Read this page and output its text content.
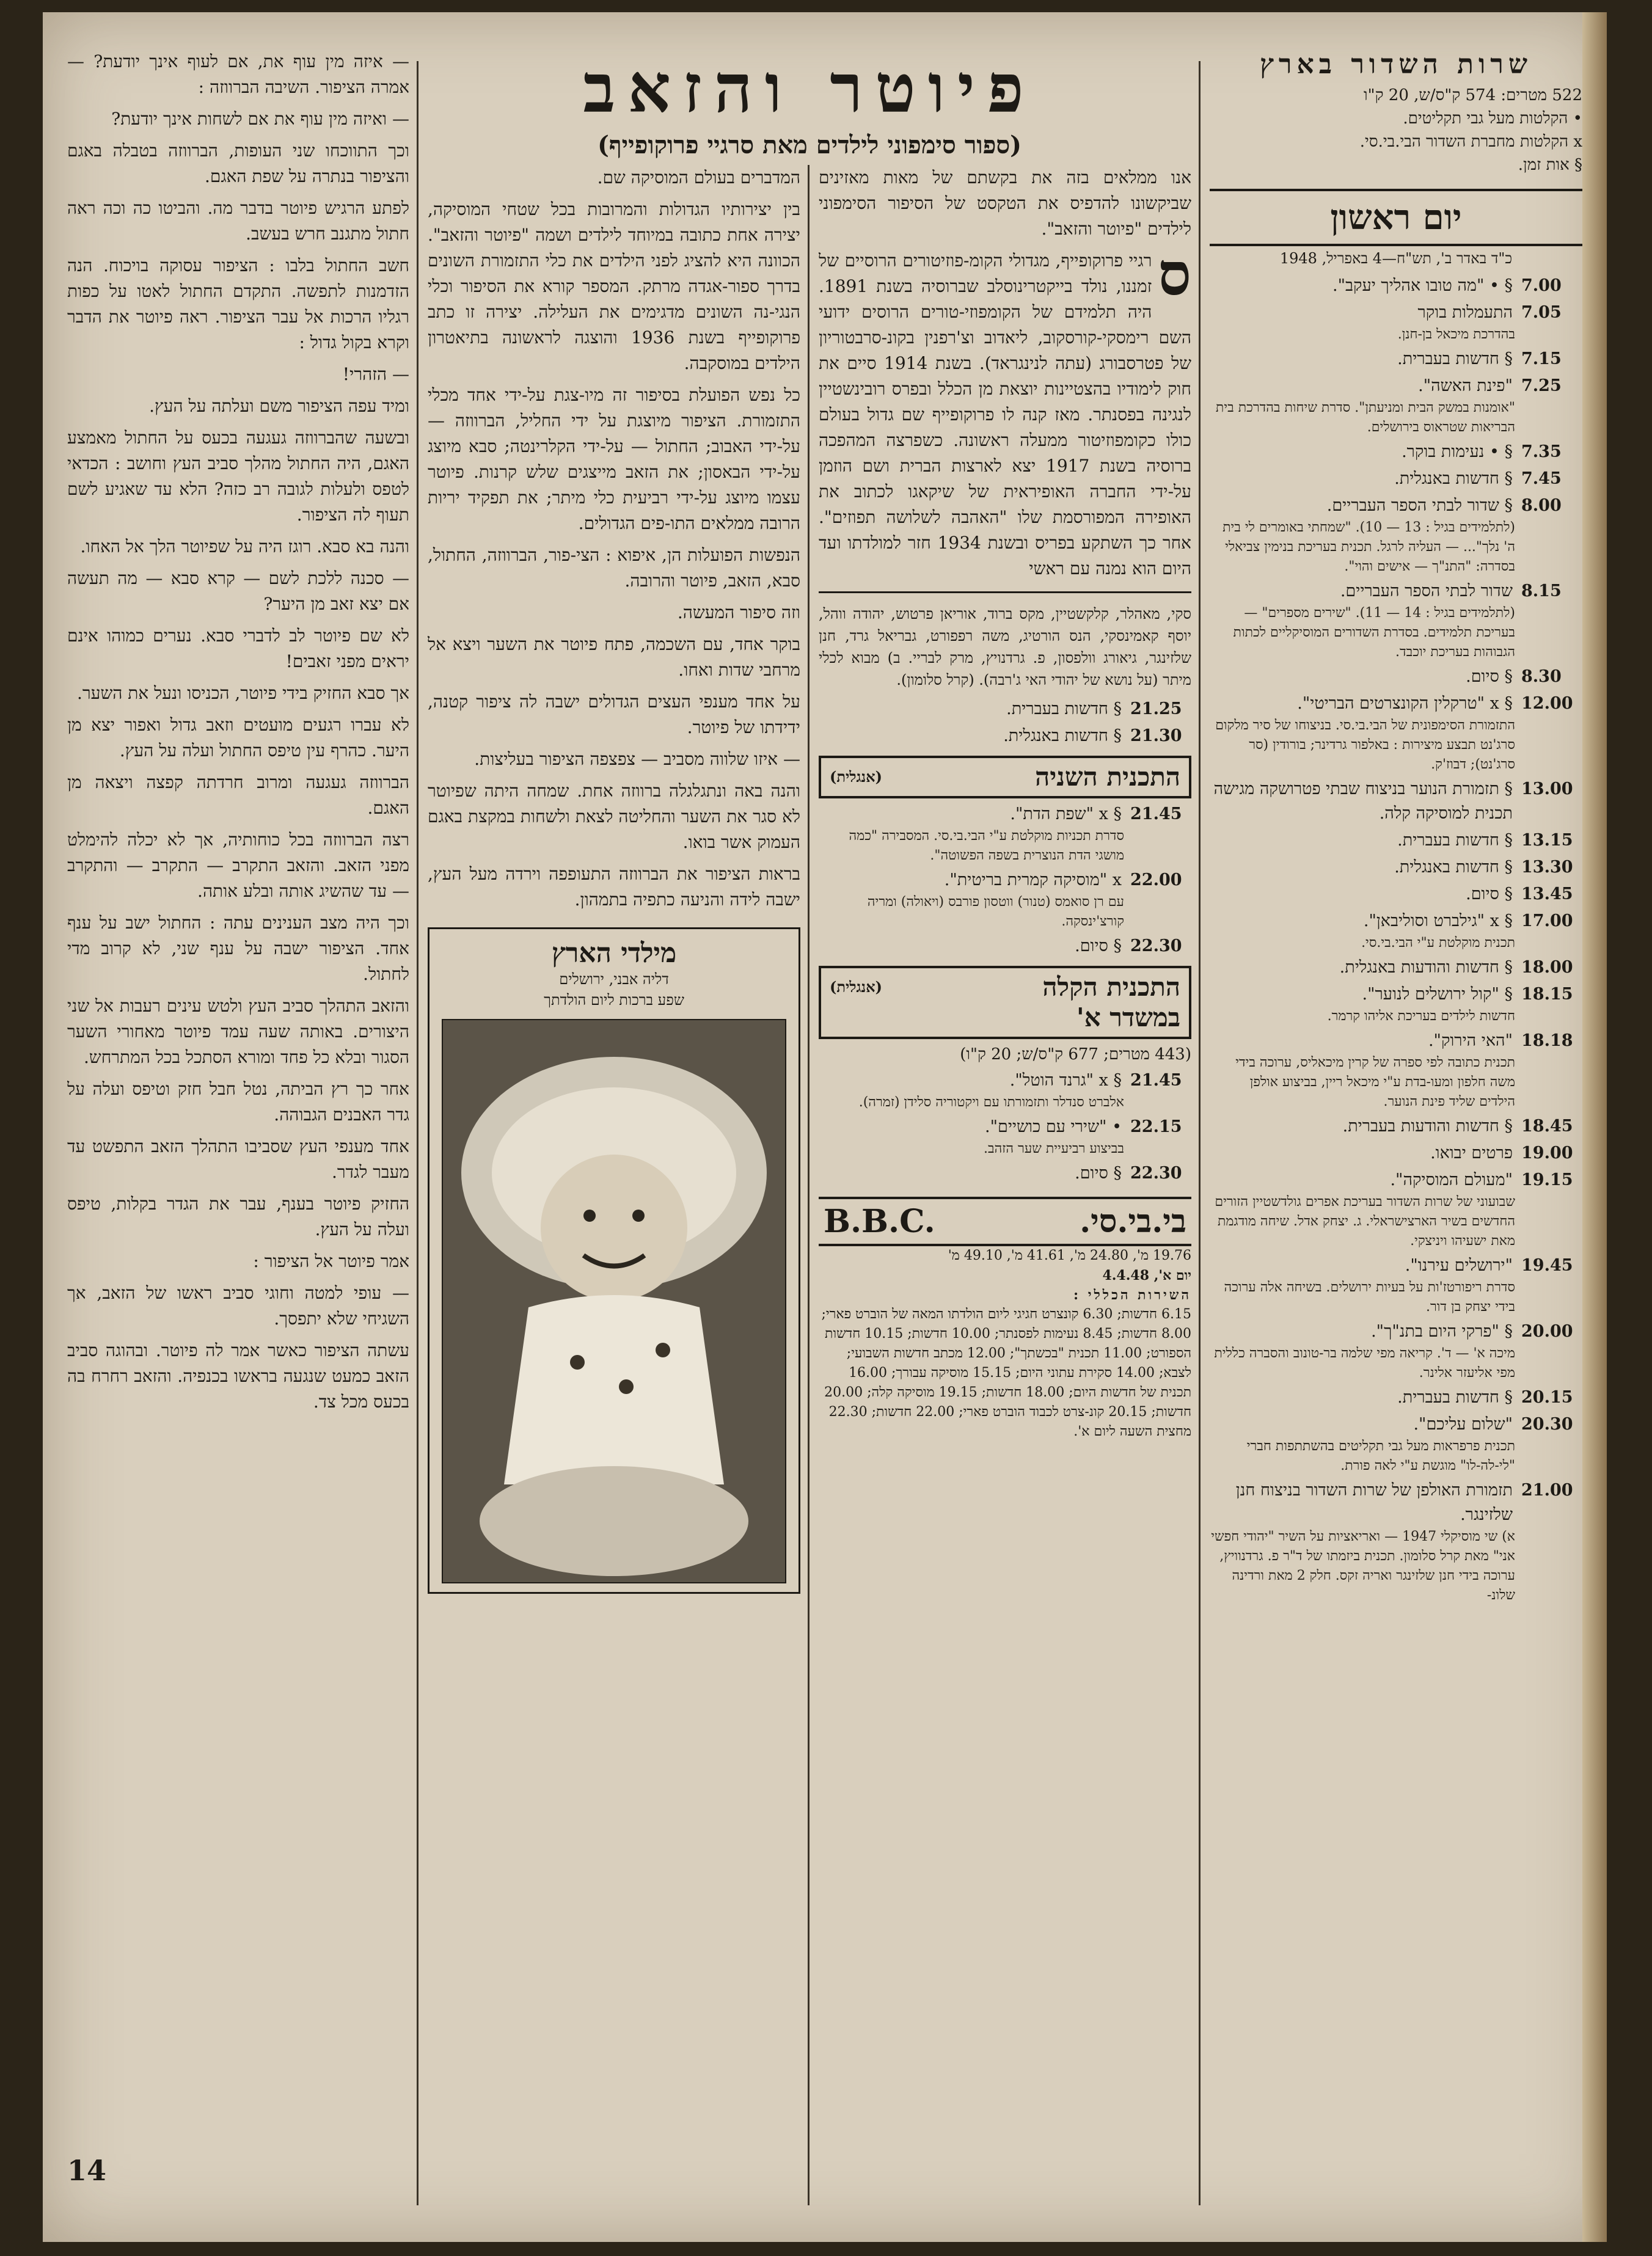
שרות השדור בארץ
522 מטרים: 574 ק"ס/ש, 20 ק"ו
• הקלטות מעל גבי תקליטים.
x הקלטות מחברת השדור הבי.בי.סי.
§ אות זמן.
יום ראשון
כ"ד באדר ב', תש"ח—4 באפריל, 1948
7.00
§ • "מה טובו אהליך יעקב".
7.05
התעמלות בוקר
בהדרכת מיכאל בן-חנן.
7.15
§ חדשות בעברית.
7.25
"פינת האשה".
"אומנות במשק הבית ומניעתן". סדרת שיחות בהדרכת בית הבריאות שטראוס בירושלים.
7.35
§ • נעימות בוקר.
7.45
§ חדשות באנגלית.
8.00
§ שדור לבתי הספר העבריים.
(לתלמידים בגיל : 13 — 10). "שמחתי באומרים לי בית ה' נלך"... — העליה לרגל. תכנית בעריכת בנימין צביאלי בסדרה: "התנ"ך — אישים והוי".
8.15
שדור לבתי הספר העבריים.
(לתלמידים בגיל : 14 — 11). "שירים מספרים" — בעריכת תלמידים. בסדרת השדורים המוסיקליים לכתות הגבוהות בעריכת יוכבד.
8.30
§ סיום.
12.00
§ x "טרקלין הקונצרטים הבריטי".
התזמורת הסימפונית של הבי.בי.סי. בניצוחו של סיר מלקום סרג'נט תבצע מיצירות : באלפור גרדינר; בורודין (סר סרג'נט); דבוז'ק.
13.00
§ תזמורת הנוער בניצוח שבתי פטרושקה מגישה תכנית למוסיקה קלה.
13.15
§ חדשות בעברית.
13.30
§ חדשות באנגלית.
13.45
§ סיום.
17.00
§ x "גילברט וסוליבאן".
תכנית מוקלטת ע"י הבי.בי.סי.
18.00
§ חדשות והודעות באנגלית.
18.15
§ "קול ירושלים לנוער".
חדשות לילדים בעריכת אליהו קרמר.
18.18
"האי הירוק".
תכנית כתובה לפי ספרה של קרין מיכאליס, ערוכה בידי משה חלפון ומעו-בדת ע"י מיכאל ריין, בביצוע אולפן הילדים שליד פינת הנוער.
18.45
§ חדשות והודעות בעברית.
19.00
פרטים יבואו.
19.15
"מעולם המוסיקה".
שבועוני של שרות השדור בעריכת אפרים גולדשטיין הזורים החדשים בשיר הארצישראלי. ג. יצחק אדל. שיחה מודגמת מאת ישעיהו ויניצקי.
19.45
"ירושלים עירנו".
סדרת ריפורטז'ות על בעיות ירושלים. בשיחה אלה ערוכה בידי יצחק בן דור.
20.00
§ "פרקי היום בתנ"ך".
מיכה א' — ד'. קריאה מפי שלמה בר-טונוב והסברה כללית מפי אליעזר אלינר.
20.15
§ חדשות בעברית.
20.30
"שלום עליכם".
תכנית פרפראות מעל גבי תקליטים בהשתתפות חברי "לי-לה-לו" מוגשת ע"י לאה פורת.
21.00
תזמורת האולפן של שרות השדור בניצוח חנן שלזינגר.
א) שי מוסיקלי 1947 — ואריאציות על השיר "יהודי חפשי אני" מאת קרל סלומון. תכנית ביזמתו של ד"ר פ. גרדנוויץ, ערוכה בידי חנן שלזינגר ואריה זקס. חלק 2 מאת ורדינה שלונ-
פיוטר והזאב
(ספור סימפוני לילדים מאת סרגיי פרוקופייף)

אנו ממלאים בזה את בקשתם של מאות מאזינים שביקשונו להדפיס את הטקסט של הסיפור הסימפוני לילדים "פיוטר והזאב".

ס
רגיי פרוקופייף, מגדולי הקומ-פוזיטורים הרוסיים של זמננו, נולד בייקטרינוסלב שברוסיה בשנת 1891. היה תלמידם של הקומפוזי-טורים הרוסים ידועי השם רימסקי-קורסקוב, ליאדוב וצ'רפנין בקונ-סרבטוריון של פטרסבורג (עתה לנינגראד). בשנת 1914 סיים את חוק לימודיו בהצטיינות יוצאת מן הכלל ובפרס רובינשטיין לנגינה בפסנתר. מאז קנה לו פרוקופייף שם גדול בעולם כולו כקומפוזיטור ממעלה ראשונה. כשפרצה המהפכה ברוסיה בשנת 1917 יצא לארצות הברית ושם הוזמן על-ידי החברה האופיראית של שיקאגו לכתוב את האופירה המפורסמת שלו "האהבה לשלושה תפוזים". אחר כך השתקע בפריס ובשנת 1934 חזר למולדתו ועד היום הוא נמנה עם ראשי

סקי, מאהלר, קלקשטיין, מקס ברוד, אוריאן פרטוש, יהודה ווהל, יוסף קאמינסקי, הנס הורטיג, משה רפפורט, גבריאל גרד, חנן שלזינגר, גיאורג וולפסון, פ. גרדנויץ, מרק לבריי. ב) מבוא לכלי מיתר (על נושא של יהודי האי ג'רבה). (קרל סלומון).

21.25
§ חדשות בעברית.
21.30
§ חדשות באנגלית.
התכנית השניה
(אנגלית)
21.45
§ x "שפת הדת".
סדרת תכניות מוקלטת ע"י הבי.בי.סי. המסבירה "כמה מושגי הדת הנוצרית בשפה הפשוטה".
22.00
x "מוסיקה קמרית בריטית".
עם רן סואמס (טנור) ווטסון פורבס (ויאולה) ומריה קורצ'ינסקה.
22.30
§ סיום.
התכנית הקלה
(אנגלית)
במשדר א'
(443 מטרים; 677 ק"ס/ש; 20 ק"ו)
21.45
§ x "גרנד הוטל".
אלברט סנדלר ותזמורתו עם ויקטוריה סלידן (זמרה).
22.15
• "שירי עם כושיים".
בביצוע רביעיית שער הזהב.
22.30
§ סיום.
בי.בי.סי.
B.B.C.
19.76 מ', 24.80 מ', 41.61 מ', 49.10 מ'
יום א', 4.4.48
השירות הכללי :
6.15 חדשות; 6.30 קונצרט חגיגי ליום הולדתו המאה של הוברט פארי; 8.00 חדשות; 8.45 נעימות לפסנתר; 10.00 חדשות; 10.15 חדשות הספורט; 11.00 תכנית "בכשתך"; 12.00 מכתב חדשות השבועי; לצבא; 14.00 סקירת עתוני היום; 15.15 מוסיקה עבורך; 16.00 תכנית של חדשות היום; 18.00 חדשות; 19.15 מוסיקה קלה; 20.00 חדשות; 20.15 קונ-צרט לכבוד הוברט פארי; 22.00 חדשות; 22.30 מחצית השעה ליום א'.

המדברים בעולם המוסיקה שם.

בין יצירותיו הגדולות והמרובות בכל שטחי המוסיקה, יצירה אחת כתובה במיוחד לילדים ושמה "פיוטר והזאב". הכוונה היא להציג לפני הילדים את כלי התזמורת השונים בדרך ספור-אגדה מרתק. המספר קורא את הסיפור וכלי הנגי-נה השונים מדגימים את העלילה. יצירה זו כתב פרוקופייף בשנת 1936 והוצגה לראשונה בתיאטרון הילדים במוסקבה.

כל נפש הפועלת בסיפור זה מיו-צגת על-ידי אחד מכלי התזמורת. הציפור מיוצגת על ידי החליל, הברווזה — על-ידי האבוב; החתול — על-ידי הקלרינטה; סבא מיוצג על-ידי הבאסון; את הזאב מייצגים שלש קרנות. פיוטר עצמו מיוצג על-ידי רביעית כלי מיתר; את תפקיד יריות הרובה ממלאים התו-פים הגדולים.

הנפשות הפועלות הן, איפוא : הצי-פור, הברווזה, החתול, סבא, הזאב, פיוטר והרובה.

וזה סיפור המעשה.

בוקר אחד, עם השכמה, פתח פיוטר את השער ויצא אל מרחבי שדות ואחו.

על אחד מענפי העצים הגדולים ישבה לה ציפור קטנה, ידידתו של פיוטר.

— איזו שלווה מסביב — צפצפה הציפור בעליצות.

והנה באה ונתגלגלה ברווזה אחת. שמחה היתה שפיוטר לא סגר את השער והחליטה לצאת ולשחות במקצת באגם העמוק אשר בואו.

בראות הציפור את הברווזה התעופפה וירדה מעל העץ, ישבה לידה והניעה כתפיה בתמהון.

מילדי הארץ
דליה אבני, ירושלים
שפע ברכות ליום הולדתך

— איזה מין עוף את, אם לעוף אינך יודעת? — אמרה הציפור. השיבה הברווזה :

— ואיזה מין עוף את אם לשחות אינך יודעת?

וכך התווכחו שני העופות, הברווזה בטבלה באגם והציפור בנתרה על שפת האגם.

לפתע הרגיש פיוטר בדבר מה. והביטו כה וכה ראה חתול מתגנב חרש בעשב.

חשב החתול בלבו : הציפור עסוקה בויכוח. הנה הזדמנות לתפשה. התקדם החתול לאטו על כפות רגליו הרכות אל עבר הציפור. ראה פיוטר את הדבר וקרא בקול גדול :

— הזהרי!

ומיד עפה הציפור משם ועלתה על העץ.

ובשעה שהברווזה געגעה בכעס על החתול מאמצע האגם, היה החתול מהלך סביב העץ וחושב : הכדאי לטפס ולעלות לגובה רב כזה? הלא עד שאגיע לשם תעוף לה הציפור.

והנה בא סבא. רוגז היה על שפיוטר הלך אל האחו.

— סכנה ללכת לשם — קרא סבא — מה תעשה אם יצא זאב מן היער?

לא שם פיוטר לב לדברי סבא. נערים כמוהו אינם יראים מפני זאבים!

אך סבא החזיק בידי פיוטר, הכניסו ונעל את השער.

לא עברו רגעים מועטים וזאב גדול ואפור יצא מן היער. כהרף עין טיפס החתול ועלה על העץ.

הברווזה געגעה ומרוב חרדתה קפצה ויצאה מן האגם.

רצה הברווזה בכל כוחותיה, אך לא יכלה להימלט מפני הזאב. והזאב התקרב — התקרב — והתקרב — עד שהשיג אותה ובלע אותה.

וכך היה מצב הענינים עתה : החתול ישב על ענף אחד. הציפור ישבה על ענף שני, לא קרוב מדי לחתול.

והזאב התהלך סביב העץ ולטש עינים רעבות אל שני היצורים. באותה שעה עמד פיוטר מאחורי השער הסגור ובלא כל פחד ומורא הסתכל בכל המתרחש.

אחר כך רץ הביתה, נטל חבל חזק וטיפס ועלה על גדר האבנים הגבוהה.

אחד מענפי העץ שסביבו התהלך הזאב התפשט עד מעבר לגדר.

החזיק פיוטר בענף, עבר את הגדר בקלות, טיפס ועלה על העץ.

אמר פיוטר אל הציפור :

— עופי למטה וחוגי סביב ראשו של הזאב, אך השגיחי שלא יתפסך.

עשתה הציפור כאשר אמר לה פיוטר. ובהוגה סביב הזאב כמעט שנגעה בראשו בכנפיה. והזאב רחרח בה בכעס מכל צד.

14
